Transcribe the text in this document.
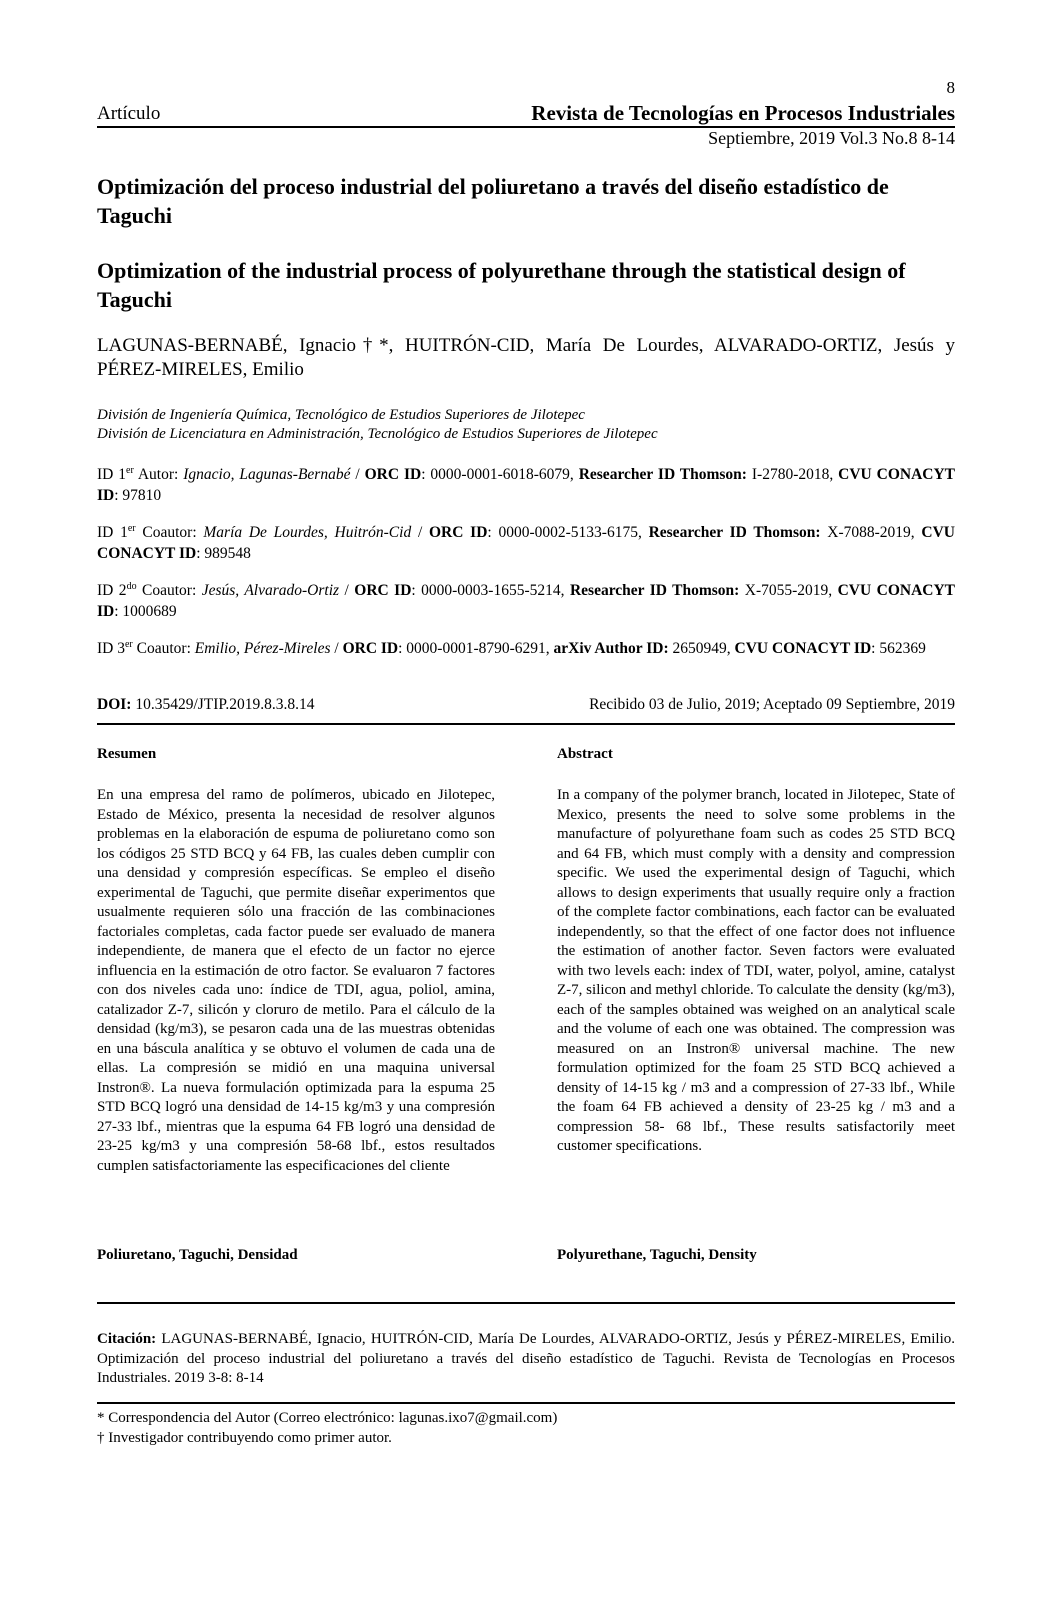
8
Artículo	Revista de Tecnologías en Procesos Industriales
Septiembre, 2019 Vol.3 No.8 8-14
Optimización del proceso industrial del poliuretano a través del diseño estadístico de Taguchi
Optimization of the industrial process of polyurethane through the statistical design of Taguchi
LAGUNAS-BERNABÉ, Ignacio†*, HUITRÓN-CID, María De Lourdes, ALVARADO-ORTIZ, Jesús y PÉREZ-MIRELES, Emilio
División de Ingeniería Química, Tecnológico de Estudios Superiores de Jilotepec
División de Licenciatura en Administración, Tecnológico de Estudios Superiores de Jilotepec
ID 1er Autor: Ignacio, Lagunas-Bernabé / ORC ID: 0000-0001-6018-6079, Researcher ID Thomson: I-2780-2018, CVU CONACYT ID: 97810
ID 1er Coautor: María De Lourdes, Huitrón-Cid / ORC ID: 0000-0002-5133-6175, Researcher ID Thomson: X-7088-2019, CVU CONACYT ID: 989548
ID $2^{do}$ Coautor: Jesús, Alvarado-Ortiz / ORC ID: 0000-0003-1655-5214, Researcher ID Thomson: X-7055-2019, CVU CONACYT ID: 1000689
ID 3er Coautor: Emilio, Pérez-Mireles / ORC ID: 0000-0001-8790-6291, arXiv Author ID: 2650949, CVU CONACYT ID: 562369
DOI: 10.35429/JTIP.2019.8.3.8.14	Recibido 03 de Julio, 2019; Aceptado 09 Septiembre, 2019
Resumen	Abstract
En una empresa del ramo de polímeros, ubicado en Jilotepec, Estado de México, presenta la necesidad de resolver algunos problemas en la elaboración de espuma de poliuretano como son los códigos 25 STD BCQ y 64 FB, las cuales deben cumplir con una densidad y compresión específicas. Se empleo el diseño experimental de Taguchi, que permite diseñar experimentos que usualmente requieren sólo una fracción de las combinaciones factoriales completas, cada factor puede ser evaluado de manera independiente, de manera que el efecto de un factor no ejerce influencia en la estimación de otro factor. Se evaluaron 7 factores con dos niveles cada uno: índice de TDI, agua, poliol, amina, catalizador Z-7, silicón y cloruro de metilo. Para el cálculo de la densidad (kg/m3), se pesaron cada una de las muestras obtenidas en una báscula analítica y se obtuvo el volumen de cada una de ellas. La compresión se midió en una maquina universal Instron®. La nueva formulación optimizada para la espuma 25 STD BCQ logró una densidad de 14-15 kg/m3 y una compresión 27-33 lbf., mientras que la espuma 64 FB logró una densidad de 23-25 kg/m3 y una compresión 58-68 lbf., estos resultados cumplen satisfactoriamente las especificaciones del cliente
In a company of the polymer branch, located in Jilotepec, State of Mexico, presents the need to solve some problems in the manufacture of polyurethane foam such as codes 25 STD BCQ and 64 FB, which must comply with a density and compression specific. We used the experimental design of Taguchi, which allows to design experiments that usually require only a fraction of the complete factor combinations, each factor can be evaluated independently, so that the effect of one factor does not influence the estimation of another factor. Seven factors were evaluated with two levels each: index of TDI, water, polyol, amine, catalyst Z-7, silicon and methyl chloride. To calculate the density (kg/m3), each of the samples obtained was weighed on an analytical scale and the volume of each one was obtained. The compression was measured on an Instron® universal machine. The new formulation optimized for the foam 25 STD BCQ achieved a density of 14-15 kg / m3 and a compression of 27-33 lbf., While the foam 64 FB achieved a density of 23-25 kg / m3 and a compression 58- 68 lbf., These results satisfactorily meet customer specifications.
Poliuretano, Taguchi, Densidad	Polyurethane, Taguchi, Density
Citación: LAGUNAS-BERNABÉ, Ignacio, HUITRÓN-CID, María De Lourdes, ALVARADO-ORTIZ, Jesús y PÉREZ-MIRELES, Emilio. Optimización del proceso industrial del poliuretano a través del diseño estadístico de Taguchi. Revista de Tecnologías en Procesos Industriales. 2019 3-8: 8-14
* Correspondencia del Autor (Correo electrónico: lagunas.ixo7@gmail.com)
† Investigador contribuyendo como primer autor.
